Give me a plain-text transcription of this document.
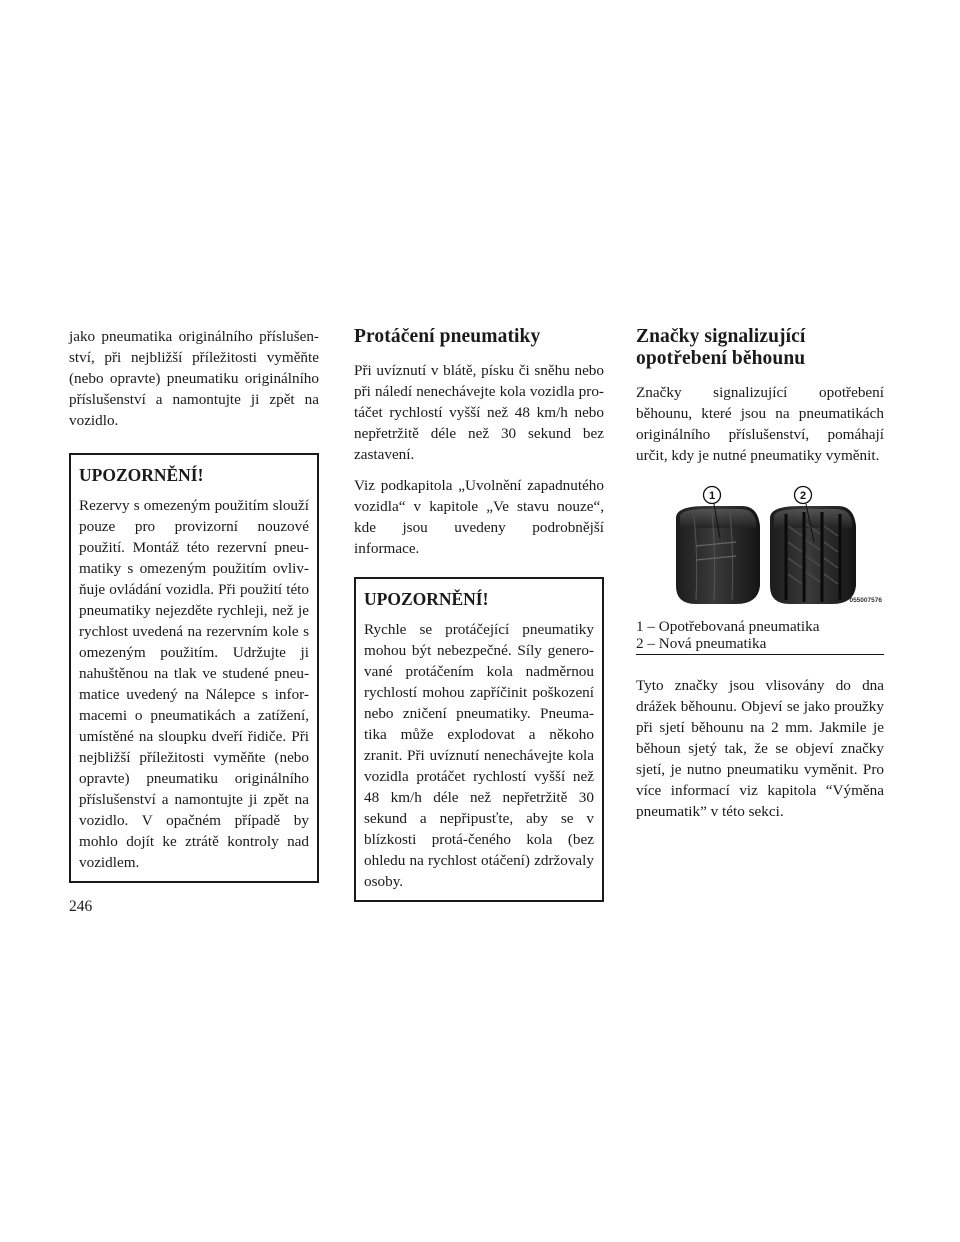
jako pneumatika originálního příslušen-ství, při nejbližší příležitosti vyměňte (nebo opravte) pneumatiku originálního příslušenství a namontujte ji zpět na vozidlo.

UPOZORNĚNÍ!

Rezervy s omezeným použitím slouží pouze pro provizorní nouzové použití. Montáž této rezervní pneu-matiky s omezeným použitím ovliv-ňuje ovládání vozidla. Při použití této pneumatiky nejezděte rychleji, než je rychlost uvedená na rezervním kole s omezeným použitím. Udržujte ji nahuštěnou na tlak ve studené pneu-matice uvedený na Nálepce s infor-macemi o pneumatikách a zatížení, umístěné na sloupku dveří řidiče. Při nejbližší příležitosti vyměňte (nebo opravte) pneumatiku originálního příslušenství a namontujte ji zpět na vozidlo. V opačném případě by mohlo dojít ke ztrátě kontroly nad vozidlem.

Protáčení pneumatiky

Při uvíznutí v blátě, písku či sněhu nebo při náledí nenechávejte kola vozidla pro-táčet rychlostí vyšší než 48 km/h nebo nepřetržitě déle než 30 sekund bez zastavení.

Viz podkapitola „Uvolnění zapadnutého vozidla“ v kapitole „Ve stavu nouze“, kde jsou uvedeny podrobnější informace.

UPOZORNĚNÍ!

Rychle se protáčející pneumatiky mohou být nebezpečné. Síly genero-vané protáčením kola nadměrnou rychlostí mohou zapříčinit poškození nebo zničení pneumatiky. Pneuma-tika může explodovat a někoho zranit. Při uvíznutí nenechávejte kola vozidla protáčet rychlostí vyšší než 48 km/h déle než nepřetržitě 30 sekund a nepřipusťte, aby se v blízkosti protá-čeného kola (bez ohledu na rychlost otáčení) zdržovaly osoby.

Značky signalizující opotřebení běhounu

Značky signalizující opotřebení běhounu, které jsou na pneumatikách originálního příslušenství, pomáhají určit, kdy je nutné pneumatiky vyměnit.

1	2
055007576
1 – Opotřebovaná pneumatika
2 – Nová pneumatika

Tyto značky jsou vlisovány do dna drážek běhounu. Objeví se jako proužky při sjetí běhounu na 2 mm. Jakmile je běhoun sjetý tak, že se objeví značky sjetí, je nutno pneumatiku vyměnit. Pro více informací viz kapitola “Výměna pneumatik” v této sekci.

246
